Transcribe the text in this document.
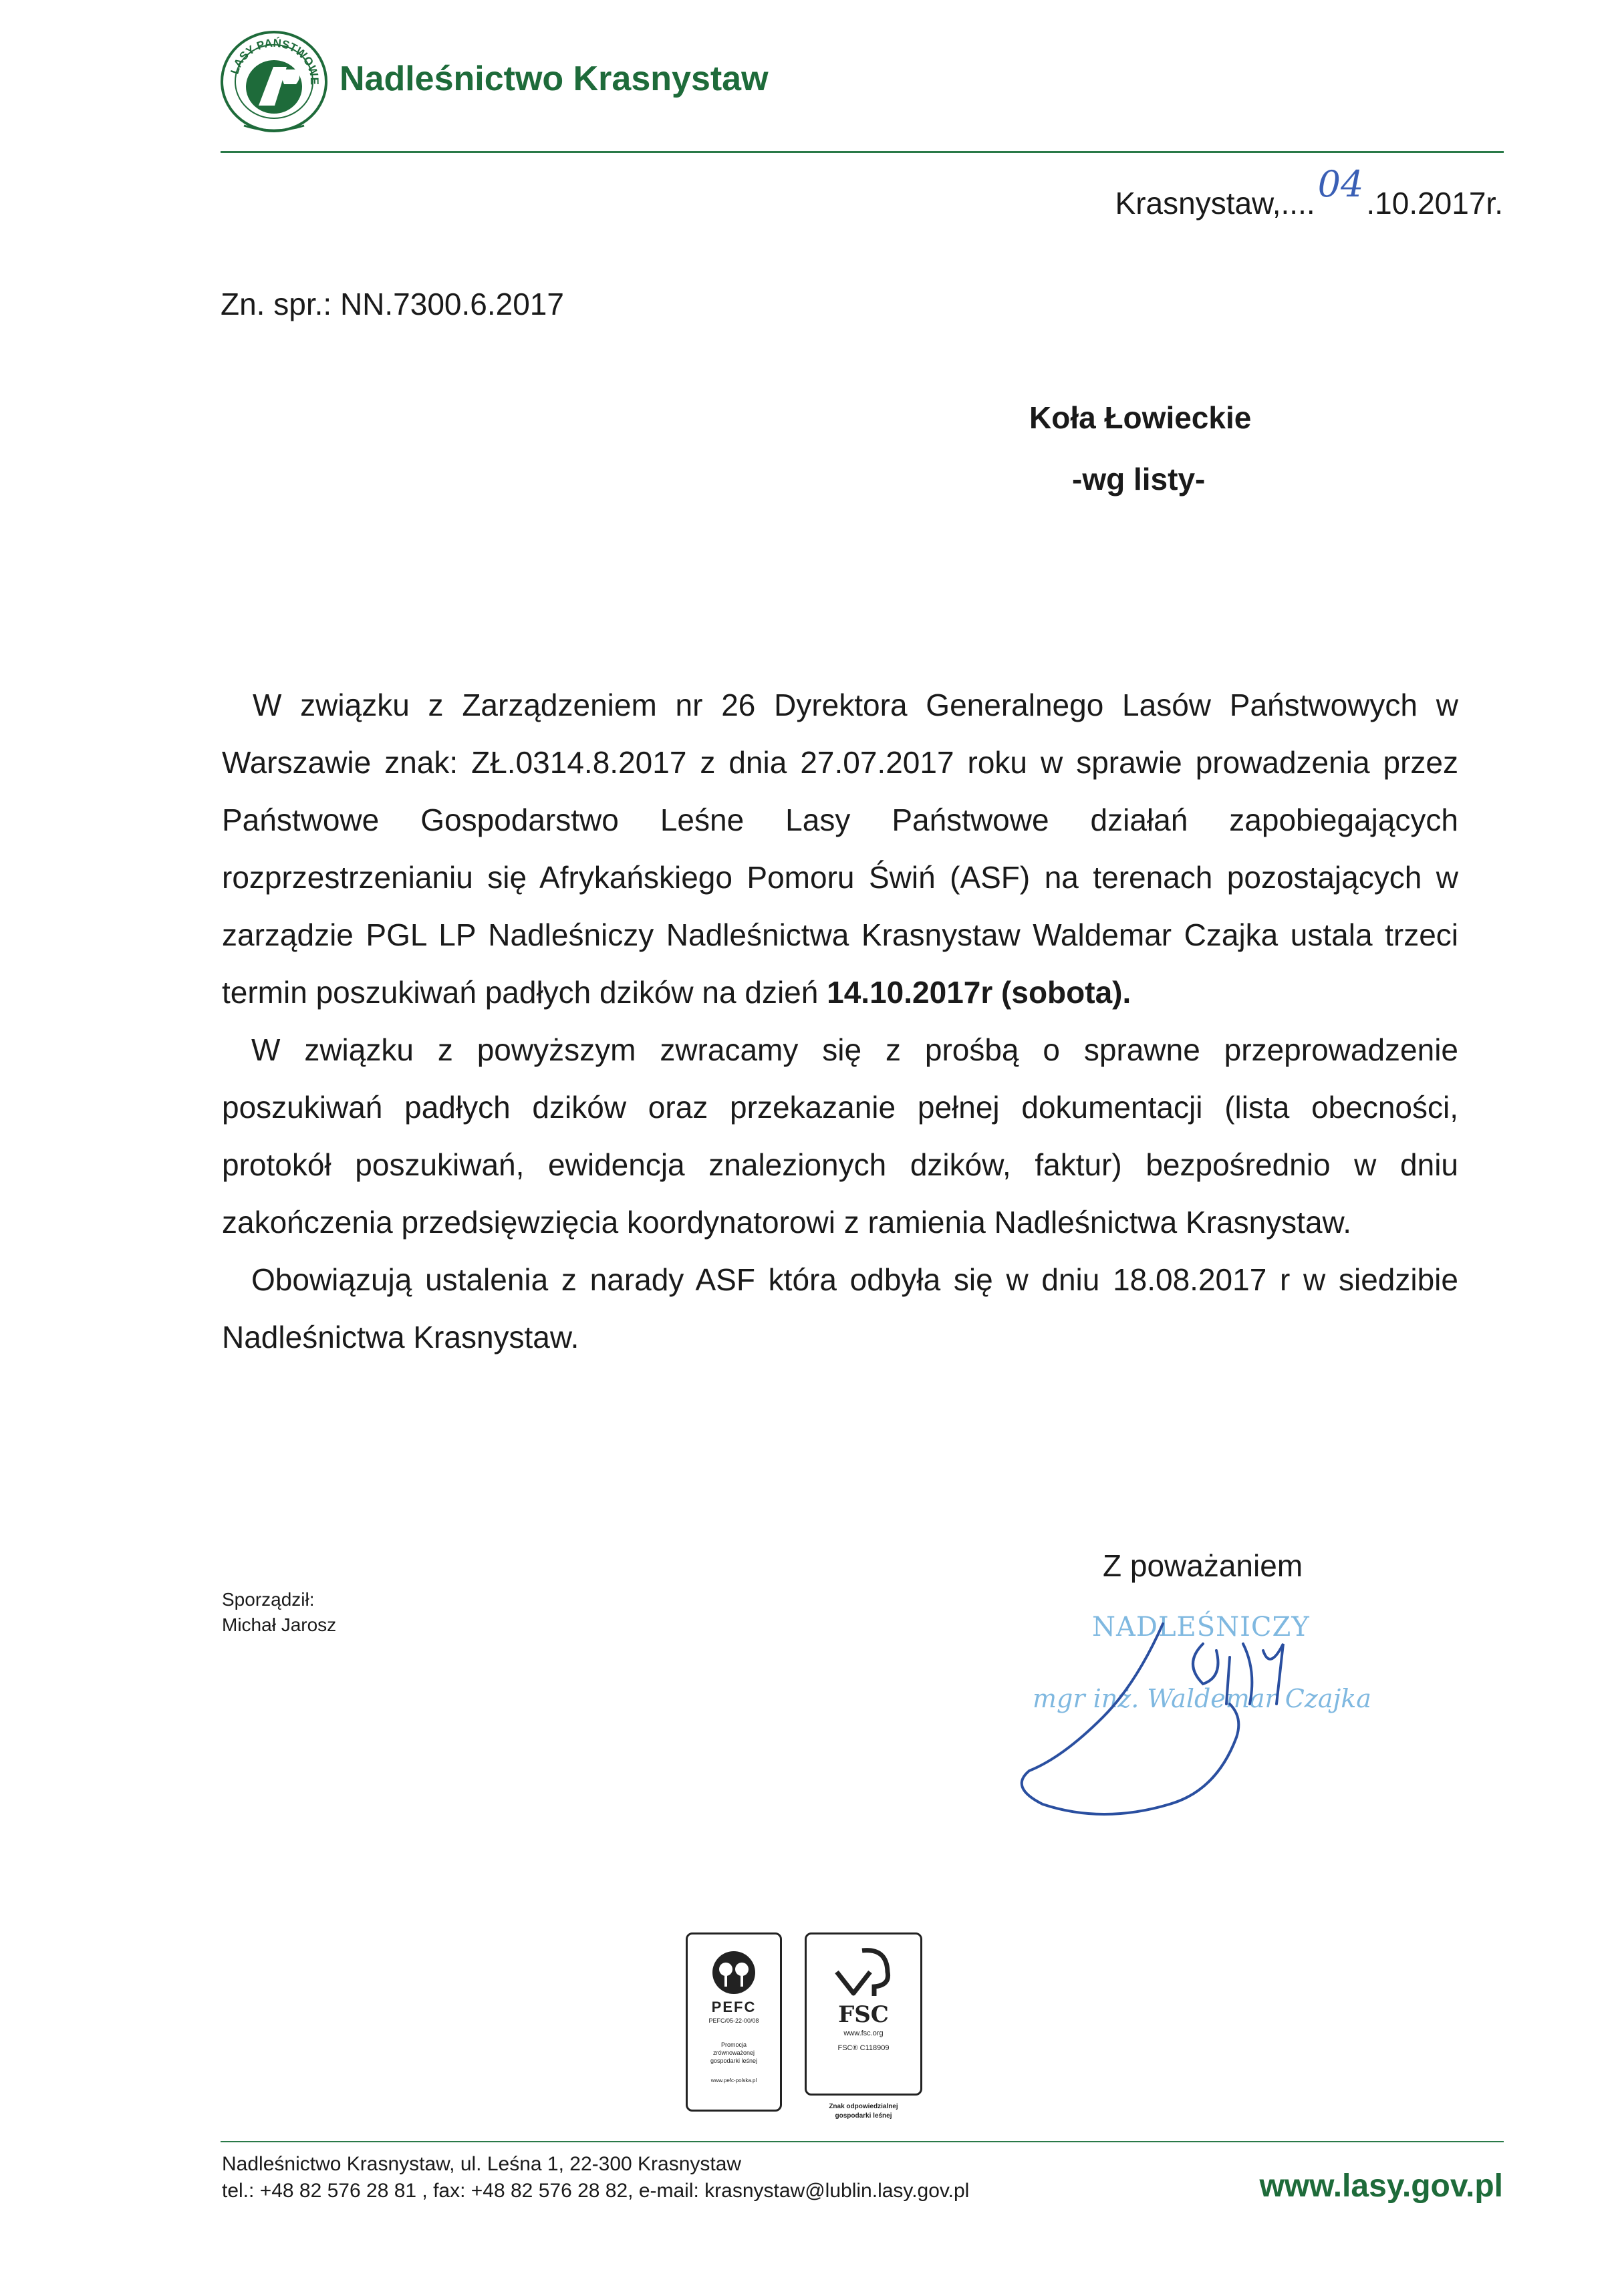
LASY PAŃSTWOWE Nadleśnictwo Krasnystaw
Krasnystaw,....04.10.2017r.
Zn. spr.: NN.7300.6.2017
Koła Łowieckie
-wg listy-

W związku z Zarządzeniem nr 26 Dyrektora Generalnego Lasów Państwowych w Warszawie znak: ZŁ.0314.8.2017 z dnia 27.07.2017 roku w sprawie prowadzenia przez Państwowe Gospodarstwo Leśne Lasy Państwowe działań zapobiegających rozprzestrzenianiu się Afrykańskiego Pomoru Świń (ASF) na terenach pozostających w zarządzie PGL LP Nadleśniczy Nadleśnictwa Krasnystaw Waldemar Czajka ustala trzeci termin poszukiwań padłych dzików na dzień 14.10.2017r (sobota).

W związku z powyższym zwracamy się z prośbą o sprawne przeprowadzenie poszukiwań padłych dzików oraz przekazanie pełnej dokumentacji (lista obecności, protokół poszukiwań, ewidencja znalezionych dzików, faktur) bezpośrednio w dniu zakończenia przedsięwzięcia koordynatorowi z ramienia Nadleśnictwa Krasnystaw.

Obowiązują ustalenia z narady ASF która odbyła się w dniu 18.08.2017 r w siedzibie Nadleśnictwa Krasnystaw.

Z poważaniem
Sporządził:
Michał Jarosz	NADLEŚNICZY
mgr inż. Waldemar Czajka
PEFC
PEFC/05-22-00/08
Promocja
zrównoważonej
gospodarki leśnej
www.pefc-polska.pl
FSC
www.fsc.org
FSC® C118909
Znak odpowiedzialnej
gospodarki leśnej
Nadleśnictwo Krasnystaw, ul. Leśna 1, 22-300 Krasnystaw
tel.: +48 82 576 28 81 , fax: +48 82 576 28 82, e-mail: krasnystaw@lublin.lasy.gov.pl	www.lasy.gov.pl
